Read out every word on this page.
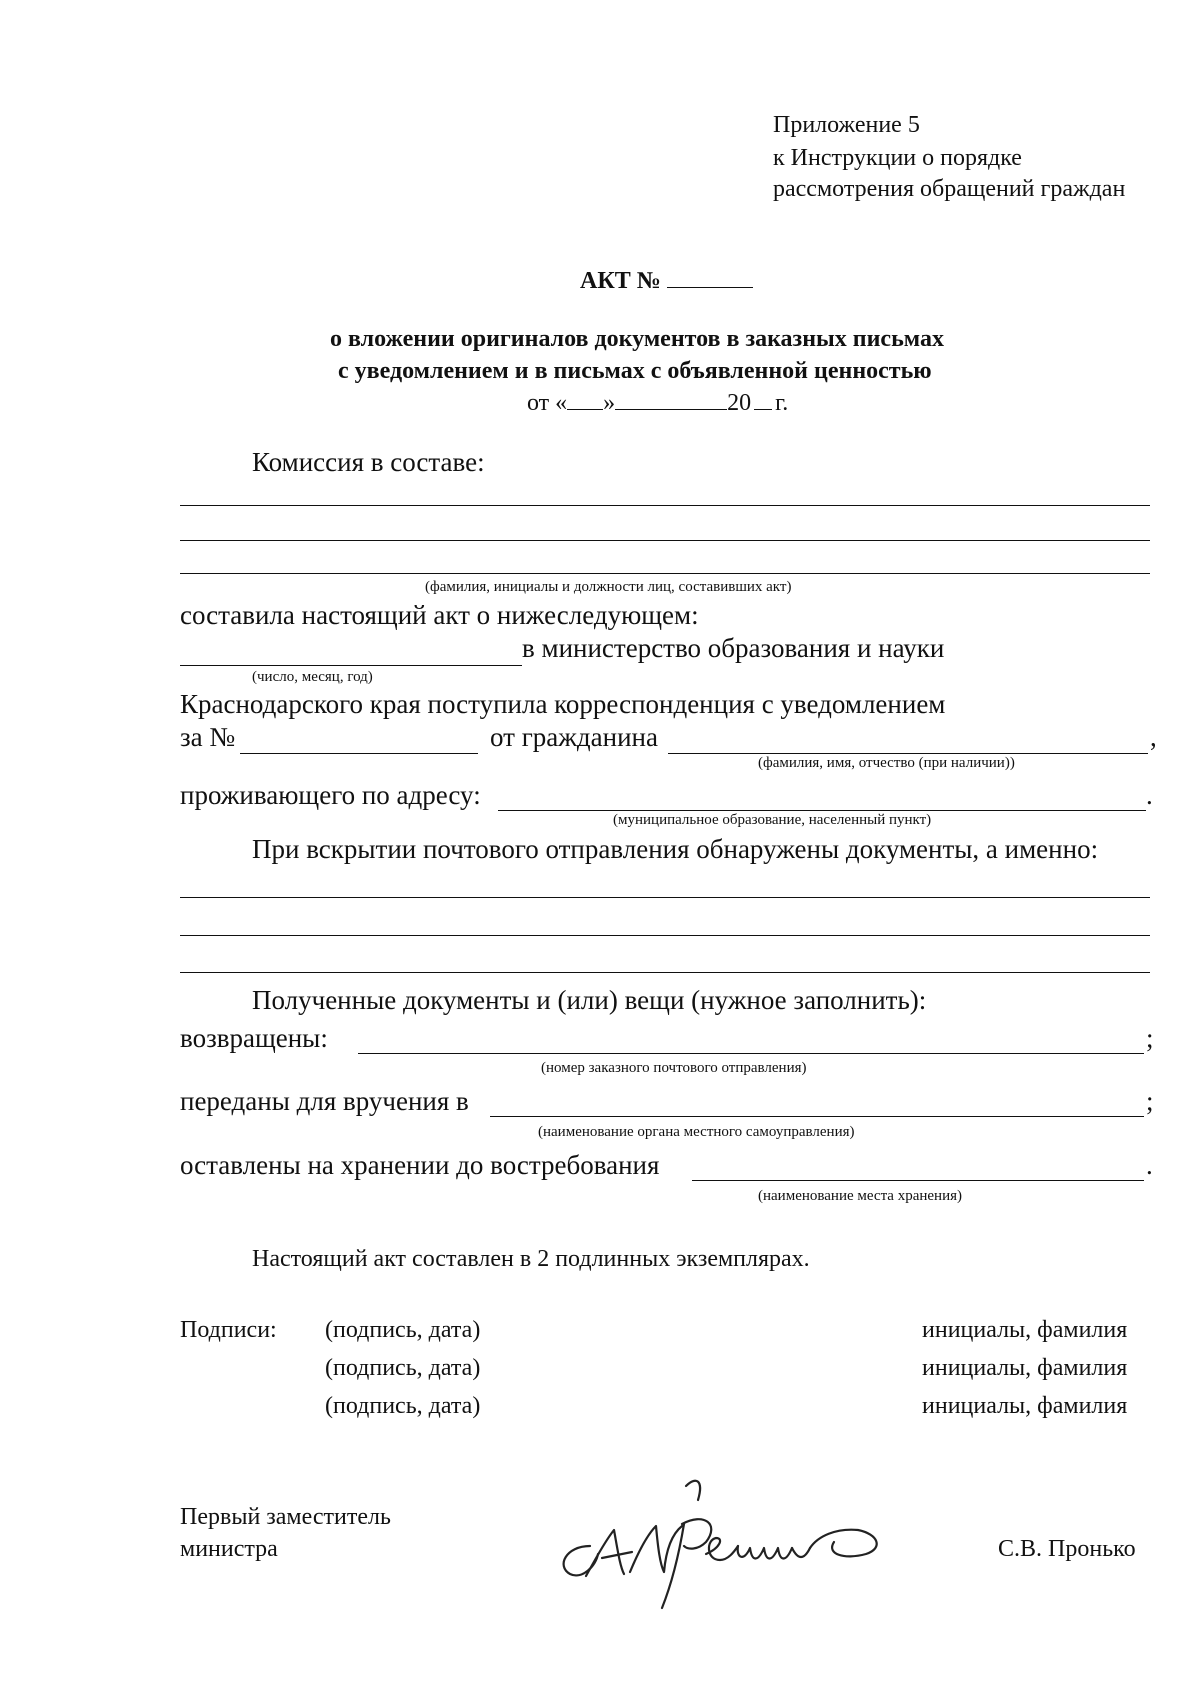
Приложение 5
к Инструкции о порядке
рассмотрения обращений граждан
АКТ №
о вложении оригиналов документов в заказных письмах
с уведомлением и в письмах с объявленной ценностью
от « »	20 г.
Комиссия в составе:
(фамилия, инициалы и должности лиц, составивших акт)
составила настоящий акт о нижеследующем:
в министерство образования и науки
(число, месяц, год)
Краснодарского края поступила корреспонденция с уведомлением
за №	от гражданина	,
(фамилия, имя, отчество (при наличии))
проживающего по адресу:	.
(муниципальное образование, населенный пункт)
При вскрытии почтового отправления обнаружены документы, а именно:
Полученные документы и (или) вещи (нужное заполнить):
возвращены:	;
(номер заказного почтового отправления)
переданы для вручения в	;
(наименование органа местного самоуправления)
оставлены на хранении до востребования	.
(наименование места хранения)
Настоящий акт составлен в 2 подлинных экземплярах.
Подписи: (подпись, дата)	инициалы, фамилия
(подпись, дата)	инициалы, фамилия
(подпись, дата)	инициалы, фамилия
Первый заместитель
министра	С.В. Пронько
